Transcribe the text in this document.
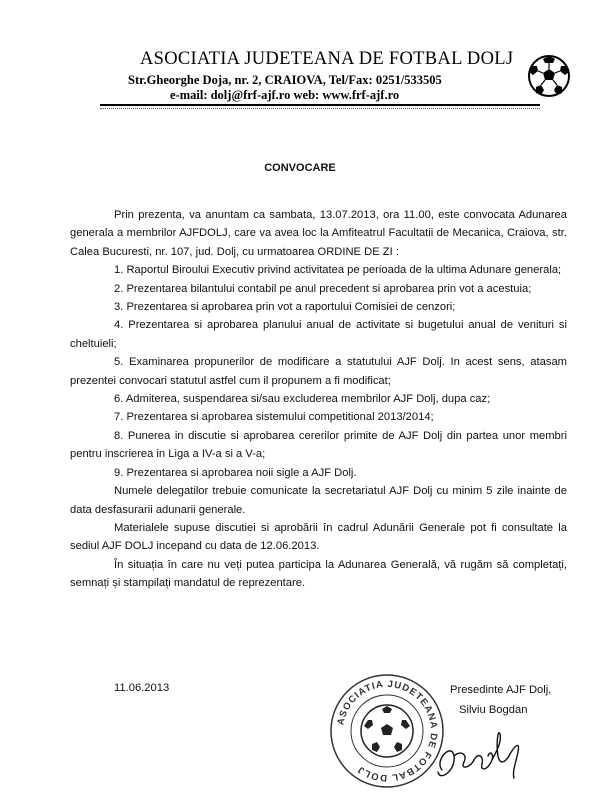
ASOCIATIA JUDETEANA DE FOTBAL DOLJ
Str.Gheorghe Doja, nr. 2, CRAIOVA, Tel/Fax: 0251/533505
e-mail: dolj@frf-ajf.ro web: www.frf-ajf.ro
CONVOCARE

Prin prezenta, va anuntam ca sambata, 13.07.2013, ora 11.00, este convocata Adunarea generala a membrilor AJFDOLJ, care va avea loc la Amfiteatrul Facultatii de Mecanica, Craiova, str. Calea Bucuresti, nr. 107, jud. Dolj, cu urmatoarea ORDINE DE ZI :

1. Raportul Biroului Executiv privind activitatea pe perioada de la ultima Adunare generala;

2. Prezentarea bilantului contabil pe anul precedent si aprobarea prin vot a acestuia;

3. Prezentarea si aprobarea prin vot a raportului Comisiei de cenzori;

4. Prezentarea si aprobarea planului anual de activitate si bugetului anual de venituri si cheltuieli;

5. Examinarea propunerilor de modificare a statutului AJF Dolj. In acest sens, atasam prezentei convocari statutul astfel cum il propunem a fi modificat;

6. Admiterea, suspendarea si/sau excluderea membrilor AJF Dolj, dupa caz;

7. Prezentarea si aprobarea sistemului competitional 2013/2014;

8. Punerea in discutie si aprobarea cererilor primite de AJF Dolj din partea unor membri pentru inscrierea in Liga a IV-a si a V-a;

9. Prezentarea si aprobarea noii sigle a AJF Dolj.

Numele delegatilor trebuie comunicate la secretariatul AJF Dolj cu minim 5 zile inainte de data desfasurarii adunarii generale.

Materialele supuse discutiei si aprobării în cadrul Adunării Generale pot fi consultate la sediul AJF DOLJ incepand cu data de 12.06.2013.

În situația în care nu veți putea participa la Adunarea Generală, vă rugăm să completați, semnați și stampilați mandatul de reprezentare.

11.06.2013
ASOCIATIA JUDETEANA DE FOTBAL DOLJ
Presedinte AJF Dolj,
Silviu Bogdan
